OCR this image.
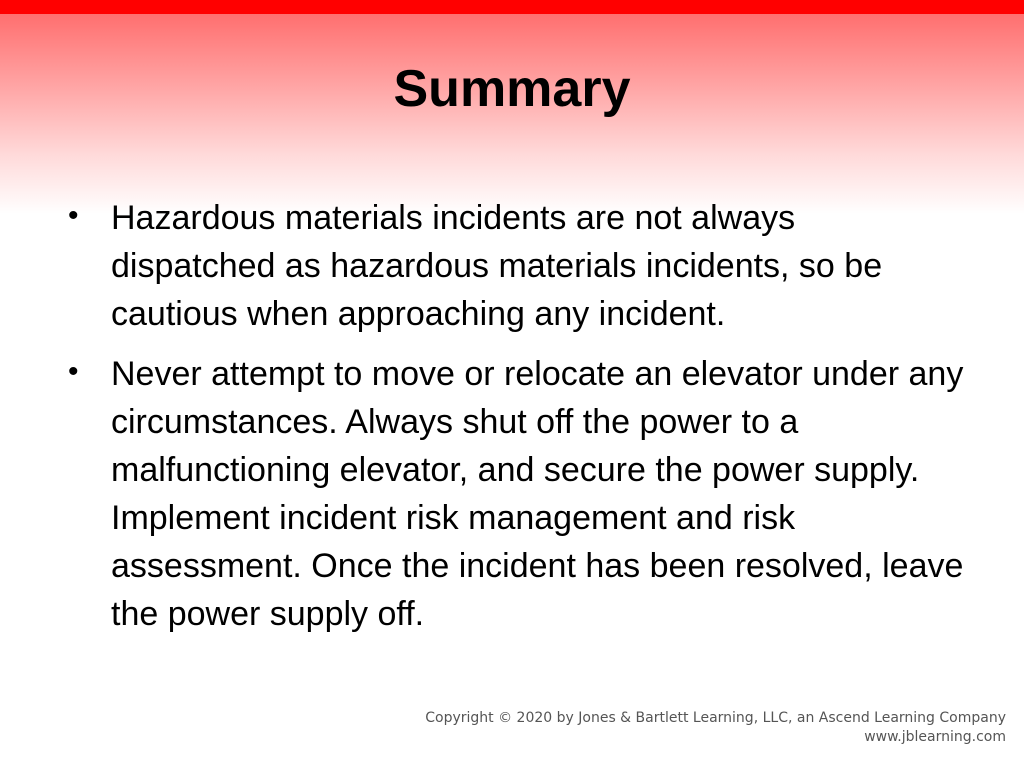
Summary
• Hazardous materials incidents are not always dispatched as hazardous materials incidents, so be cautious when approaching any incident.
• Never attempt to move or relocate an elevator under any circumstances. Always shut off the power to a malfunctioning elevator, and secure the power supply. Implement incident risk management and risk assessment. Once the incident has been resolved, leave the power supply off.
Copyright © 2020 by Jones & Bartlett Learning, LLC, an Ascend Learning Company
www.jblearning.com
